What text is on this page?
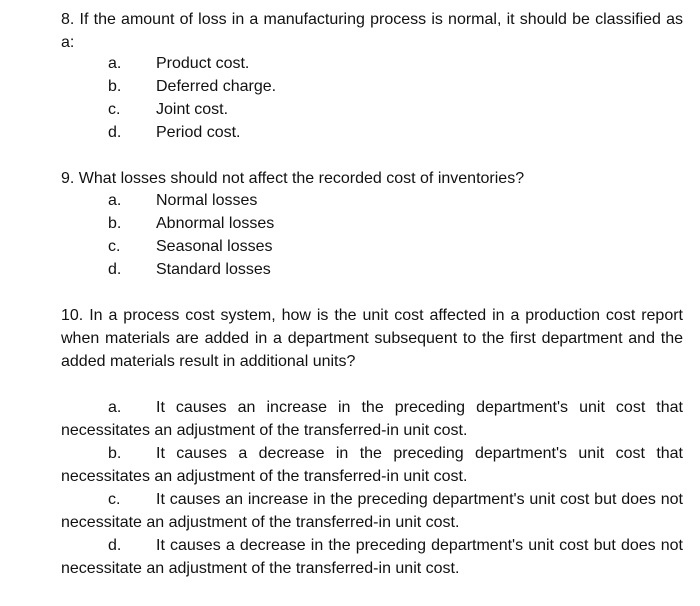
8. If the amount of loss in a manufacturing process is normal, it should be classified as a:
a. Product cost.
b. Deferred charge.
c. Joint cost.
d. Period cost.
9. What losses should not affect the recorded cost of inventories?
a. Normal losses
b. Abnormal losses
c. Seasonal losses
d. Standard losses
10. In a process cost system, how is the unit cost affected in a production cost report when materials are added in a department subsequent to the first department and the added materials result in additional units?
a. It causes an increase in the preceding department's unit cost that necessitates an adjustment of the transferred-in unit cost.
b. It causes a decrease in the preceding department's unit cost that necessitates an adjustment of the transferred-in unit cost.
c. It causes an increase in the preceding department's unit cost but does not necessitate an adjustment of the transferred-in unit cost.
d. It causes a decrease in the preceding department's unit cost but does not necessitate an adjustment of the transferred-in unit cost.
